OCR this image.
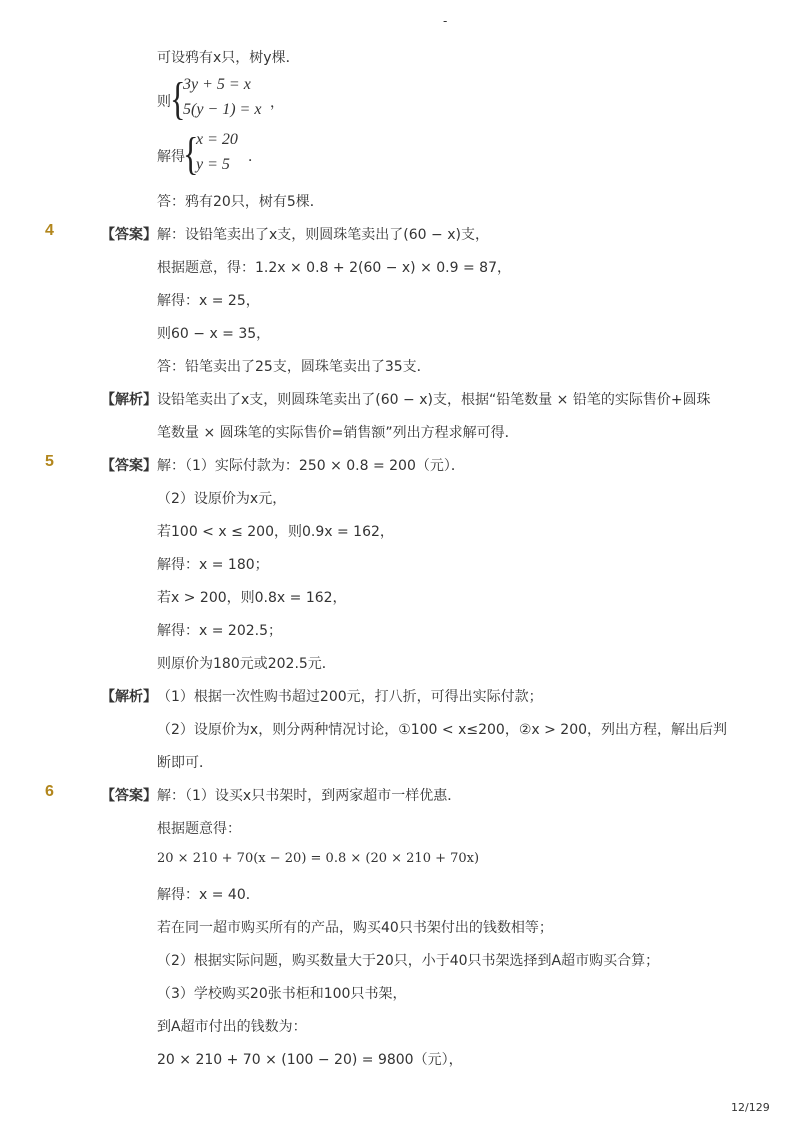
-
可设鸦有x只，树y棵．
则 {
3y + 5 = x
5(y − 1) = x ，
解得
{
x = 20
y = 5 ．
答：鸦有20只，树有5棵．
4	【答案】 解：设铅笔卖出了x支，则圆珠笔卖出了(60 − x)支，
根据题意，得：1.2x × 0.8 + 2(60 − x) × 0.9 = 87，
解得：x = 25，
则60 − x = 35，
答：铅笔卖出了25支，圆珠笔卖出了35支．
【解析】 设铅笔卖出了x支，则圆珠笔卖出了(60 − x)支，根据“铅笔数量 × 铅笔的实际售价+圆珠
笔数量 × 圆珠笔的实际售价=销售额”列出方程求解可得．
5	【答案】 解：（1）实际付款为：250 × 0.8 = 200（元）．
（2）设原价为x元，
若100 < x ≤ 200，则0.9x = 162，
解得：x = 180；
若x > 200，则0.8x = 162，
解得：x = 202.5；
则原价为180元或202.5元．
【解析】 （1）根据一次性购书超过200元，打八折，可得出实际付款；
（2）设原价为x，则分两种情况讨论，①100 < x≤200，②x > 200，列出方程，解出后判
断即可．
6	【答案】 解：（1）设买x只书架时，到两家超市一样优惠．
根据题意得：
20 × 210 + 70(x − 20) = 0.8 × (20 × 210 + 70x)
解得：x = 40．
若在同一超市购买所有的产品，购买40只书架付出的钱数相等；
（2）根据实际问题，购买数量大于20只，小于40只书架选择到A超市购买合算；
（3）学校购买20张书柜和100只书架，
到A超市付出的钱数为：
20 × 210 + 70 × (100 − 20) = 9800（元），
12/129
